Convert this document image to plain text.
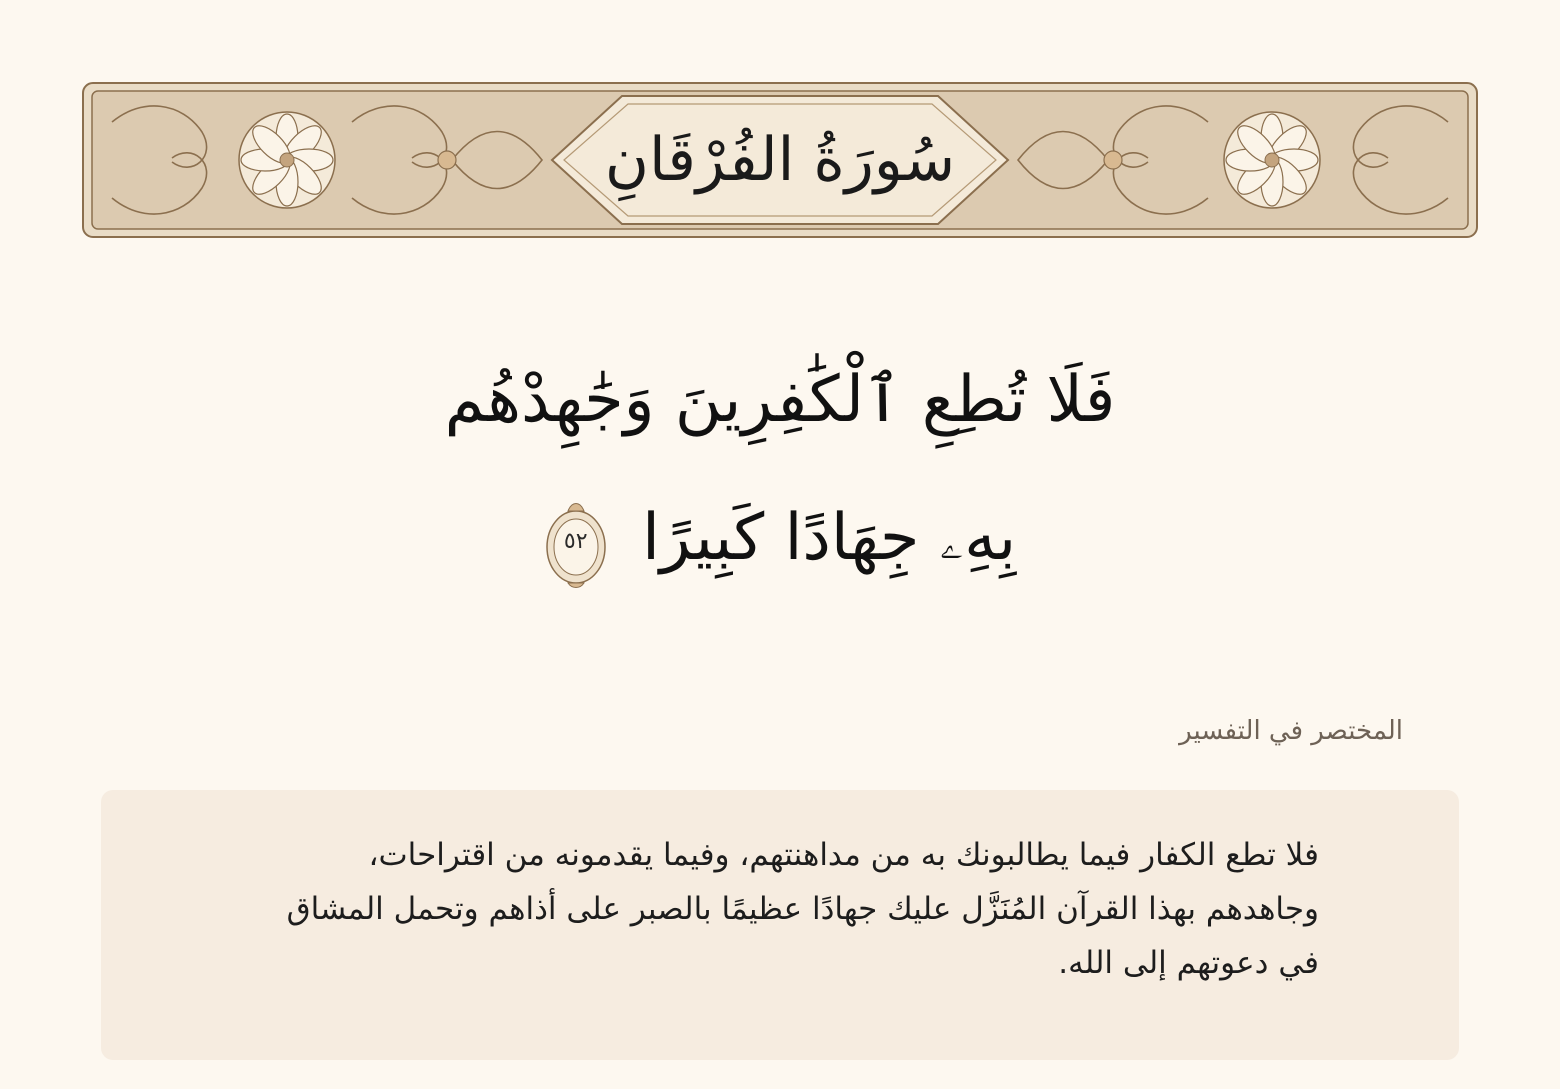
سُورَةُ الفُرْقَانِ
فَلَا تُطِعِ ٱلْكَٰفِرِينَ وَجَٰهِدْهُم
بِهِۦ جِهَادًا كَبِيرًا
٥٢
المختصر في التفسير

فلا تطع الكفار فيما يطالبونك به من مداهنتهم، وفيما يقدمونه من اقتراحات، وجاهدهم بهذا القرآن المُنَزَّل عليك جهادًا عظيمًا بالصبر على أذاهم وتحمل المشاق في دعوتهم إلى الله.
